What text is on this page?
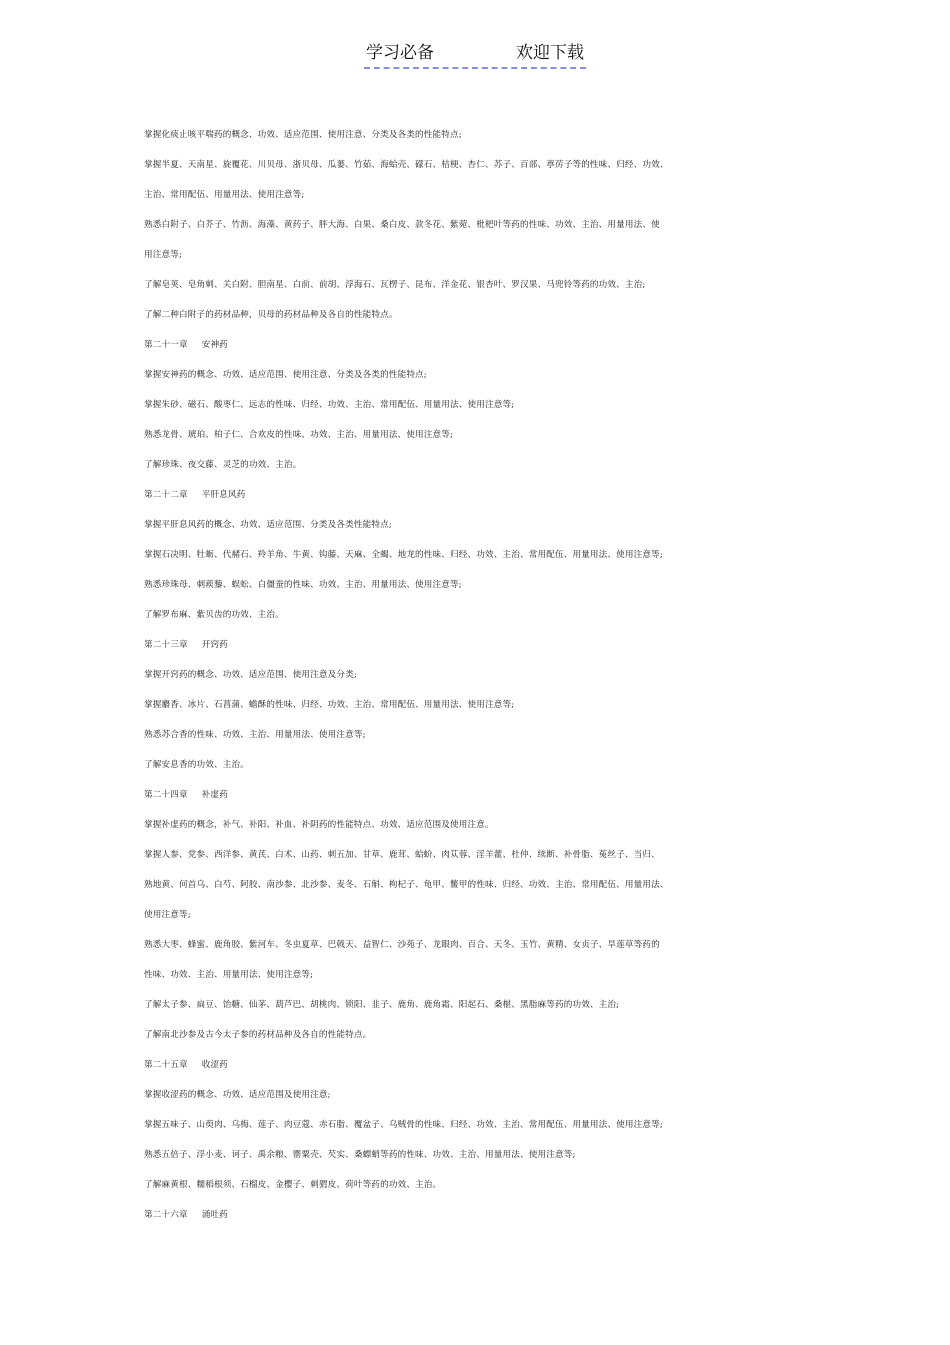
学习必备	欢迎下载
掌握化痰止咳平喘药的概念、功效、适应范围、使用注意、分类及各类的性能特点;
掌握半夏、天南星、旋覆花、川贝母、浙贝母、瓜蒌、竹茹、海蛤壳、礞石、桔梗、杏仁、苏子、百部、葶苈子等的性味、归经、功效、
主治、常用配伍、用量用法、使用注意等;
熟悉白附子、白芥子、竹沥、海藻、黄药子、胖大海、白果、桑白皮、款冬花、紫菀、枇杷叶等药的性味、功效、主治、用量用法、使
用注意等;
了解皂荚、皂角刺、关白附、胆南星、白前、前胡、浮海石、瓦楞子、昆布、洋金花、银杏叶、罗汉果、马兜铃等药的功效、主治;
了解二种白附子的药材品种，贝母的药材品种及各自的性能特点。
第二十一章 安神药
掌握安神药的概念、功效、适应范围、使用注意、分类及各类的性能特点;
掌握朱砂、磁石、酸枣仁、远志的性味、归经、功效、主治、常用配伍、用量用法、使用注意等;
熟悉龙骨、琥珀、柏子仁、合欢皮的性味、功效、主治、用量用法、使用注意等;
了解珍珠、夜交藤、灵芝的功效、主治。
第二十二章 平肝息风药
掌握平肝息风药的概念、功效、适应范围、分类及各类性能特点;
掌握石决明、牡蛎、代赭石、羚羊角、牛黄、钩藤、天麻、全蝎、地龙的性味、归经、功效、主治、常用配伍、用量用法、使用注意等;
熟悉珍珠母、刺蒺藜、蜈蚣、白僵蚕的性味、功效、主治、用量用法、使用注意等;
了解罗布麻、紫贝齿的功效、主治。
第二十三章 开窍药
掌握开窍药的概念、功效、适应范围、使用注意及分类;
掌握麝香、冰片、石菖蒲、蟾酥的性味、归经、功效、主治、常用配伍、用量用法、使用注意等;
熟悉苏合香的性味、功效、主治、用量用法、使用注意等;
了解安息香的功效、主治。
第二十四章 补虚药
掌握补虚药的概念，补气、补阳、补血、补阴药的性能特点、功效、适应范围及使用注意。
掌握人参、党参、西洋参、黄芪、白术、山药、刺五加、甘草、鹿茸、蛤蚧、肉苁蓉、淫羊藿、杜仲、续断、补骨脂、菟丝子、当归、
熟地黄、何首乌、白芍、阿胶、南沙参、北沙参、麦冬、石斛、枸杞子、龟甲、鳖甲的性味、归经、功效、主治、常用配伍、用量用法、
使用注意等;
熟悉大枣、蜂蜜、鹿角胶、紫河车、冬虫夏草、巴戟天、益智仁、沙苑子、龙眼肉、百合、天冬、玉竹、黄精、女贞子、旱莲草等药的
性味、功效、主治、用量用法、使用注意等;
了解太子参、扁豆、饴糖、仙茅、葫芦巴、胡桃肉、锁阳、韭子、鹿角、鹿角霜、阳起石、桑椹、黑脂麻等药的功效、主治;
了解南北沙参及古今太子参的药材品种及各自的性能特点。
第二十五章 收涩药
掌握收涩药的概念、功效、适应范围及使用注意;
掌握五味子、山萸肉、乌梅、莲子、肉豆蔻、赤石脂、覆盆子、乌贼骨的性味、归经、功效、主治、常用配伍、用量用法、使用注意等;
熟悉五倍子、浮小麦、诃子、禹余粮、罂粟壳、芡实、桑螵蛸等药的性味、功效、主治、用量用法、使用注意等;
了解麻黄根、糯稻根须、石榴皮、金樱子、刺猬皮、荷叶等药的功效、主治。
第二十六章 涌吐药
